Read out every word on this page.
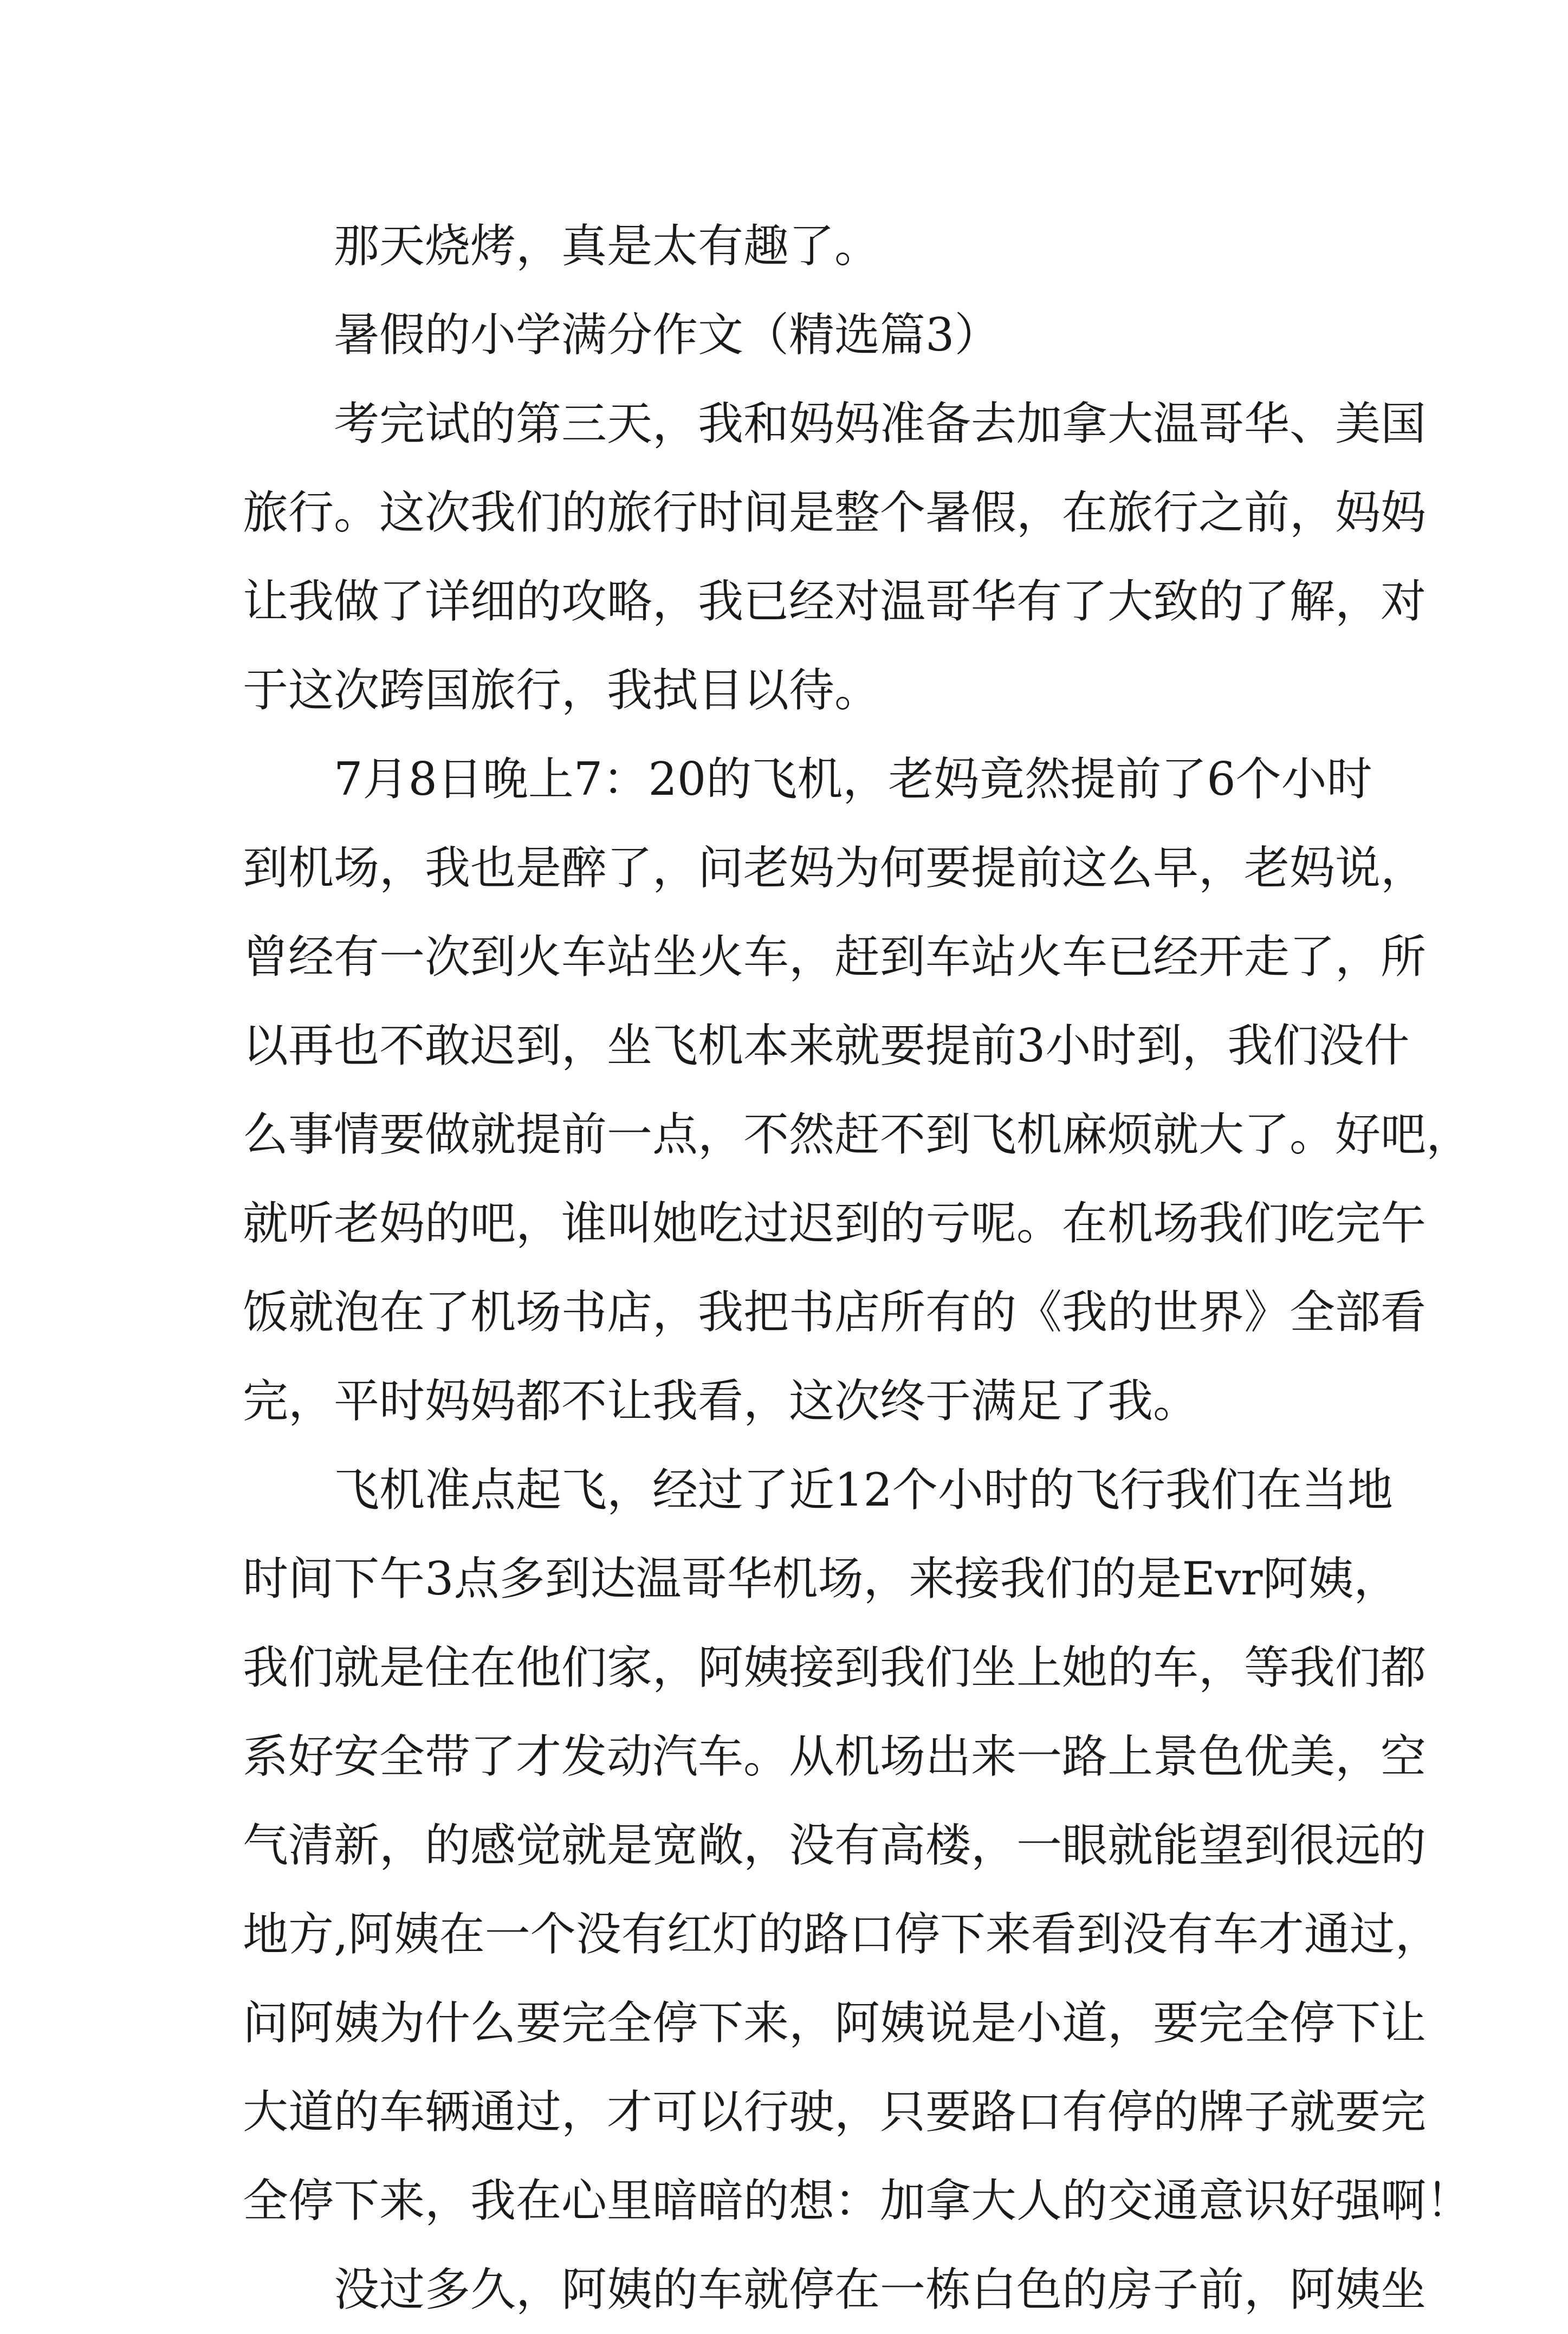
那天烧烤，真是太有趣了。
暑假的小学满分作文（精选篇3）
考完试的第三天，我和妈妈准备去加拿大温哥华、美国
旅行。这次我们的旅行时间是整个暑假，在旅行之前，妈妈
让我做了详细的攻略，我已经对温哥华有了大致的了解，对
于这次跨国旅行，我拭目以待。
7月8日晚上7：20的飞机，老妈竟然提前了6个小时
到机场，我也是醉了，问老妈为何要提前这么早，老妈说，
曾经有一次到火车站坐火车，赶到车站火车已经开走了，所
以再也不敢迟到，坐飞机本来就要提前3小时到，我们没什
么事情要做就提前一点，不然赶不到飞机麻烦就大了。好吧，
就听老妈的吧，谁叫她吃过迟到的亏呢。在机场我们吃完午
饭就泡在了机场书店，我把书店所有的《我的世界》全部看
完，平时妈妈都不让我看，这次终于满足了我。
飞机准点起飞，经过了近12个小时的飞行我们在当地
时间下午3点多到达温哥华机场，来接我们的是Evr阿姨，
我们就是住在他们家，阿姨接到我们坐上她的车，等我们都
系好安全带了才发动汽车。从机场出来一路上景色优美，空
气清新，的感觉就是宽敞，没有高楼，一眼就能望到很远的
地方,阿姨在一个没有红灯的路口停下来看到没有车才通过，
问阿姨为什么要完全停下来，阿姨说是小道，要完全停下让
大道的车辆通过，才可以行驶，只要路口有停的牌子就要完
全停下来，我在心里暗暗的想：加拿大人的交通意识好强啊！
没过多久，阿姨的车就停在一栋白色的房子前，阿姨坐
